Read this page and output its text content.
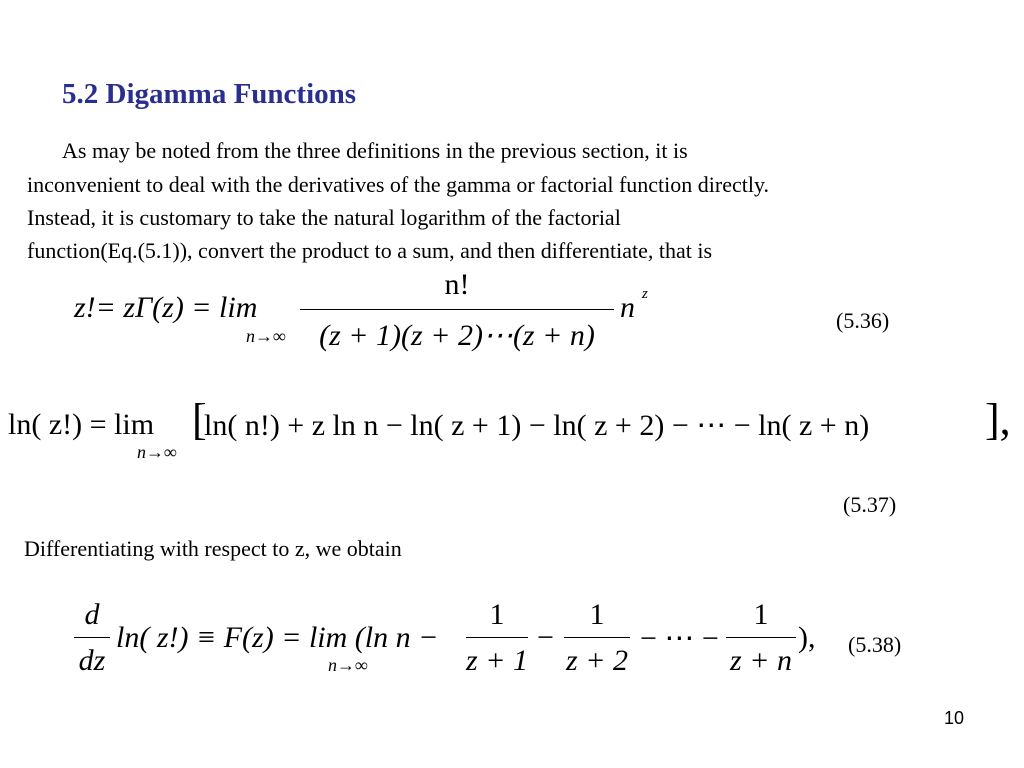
5.2 Digamma Functions
As may be noted from the three definitions in the previous section, it is
inconvenient to deal with the derivatives of the gamma or factorial function directly.
Instead, it is customary to take the natural logarithm of the factorial
function(Eq.(5.1)), convert the product to a sum, and then differentiate, that is
z!= zΓ(z) = lim
n→∞
n!
(z + 1)(z + 2)⋯(z + n)
n z
(5.36)
ln( z!) = lim
n→∞
[
ln( n!) + z ln n − ln( z + 1) − ln( z + 2) − ⋯ − ln( z + n)	],
(5.37)
Differentiating with respect to z, we obtain
d
dz
ln( z!) ≡ F(z) = lim (ln n −
n→∞
1
z + 1
−
1
z + 2
− ⋯ −
1
z + n
), (5.38)
10
